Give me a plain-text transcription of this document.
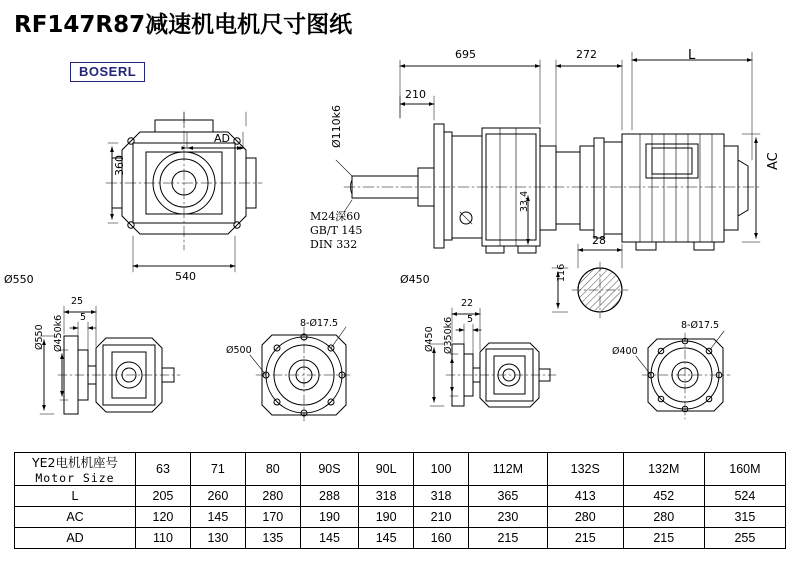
RF147R87减速机电机尺寸图纸
BOSERL
AD
360
540
Ø550
695
210
272	L
Ø110k6
AC
33.4
28
116
Ø450
M24深60
GB/T 145
DIN 332
25
5
Ø550 Ø450k6	8-Ø17.5
Ø500
22
5
Ø450 Ø350k6	8-Ø17.5
Ø400
YE2电机机座号
Motor Size	63	71	80	90S	90L	100	112M	132S	132M	160M

L	205	260	280	288	318	318	365	413	452	524
AC	120	145	170	190	190	210	230	280	280	315
AD	110	130	135	145	145	160	215	215	215	255
